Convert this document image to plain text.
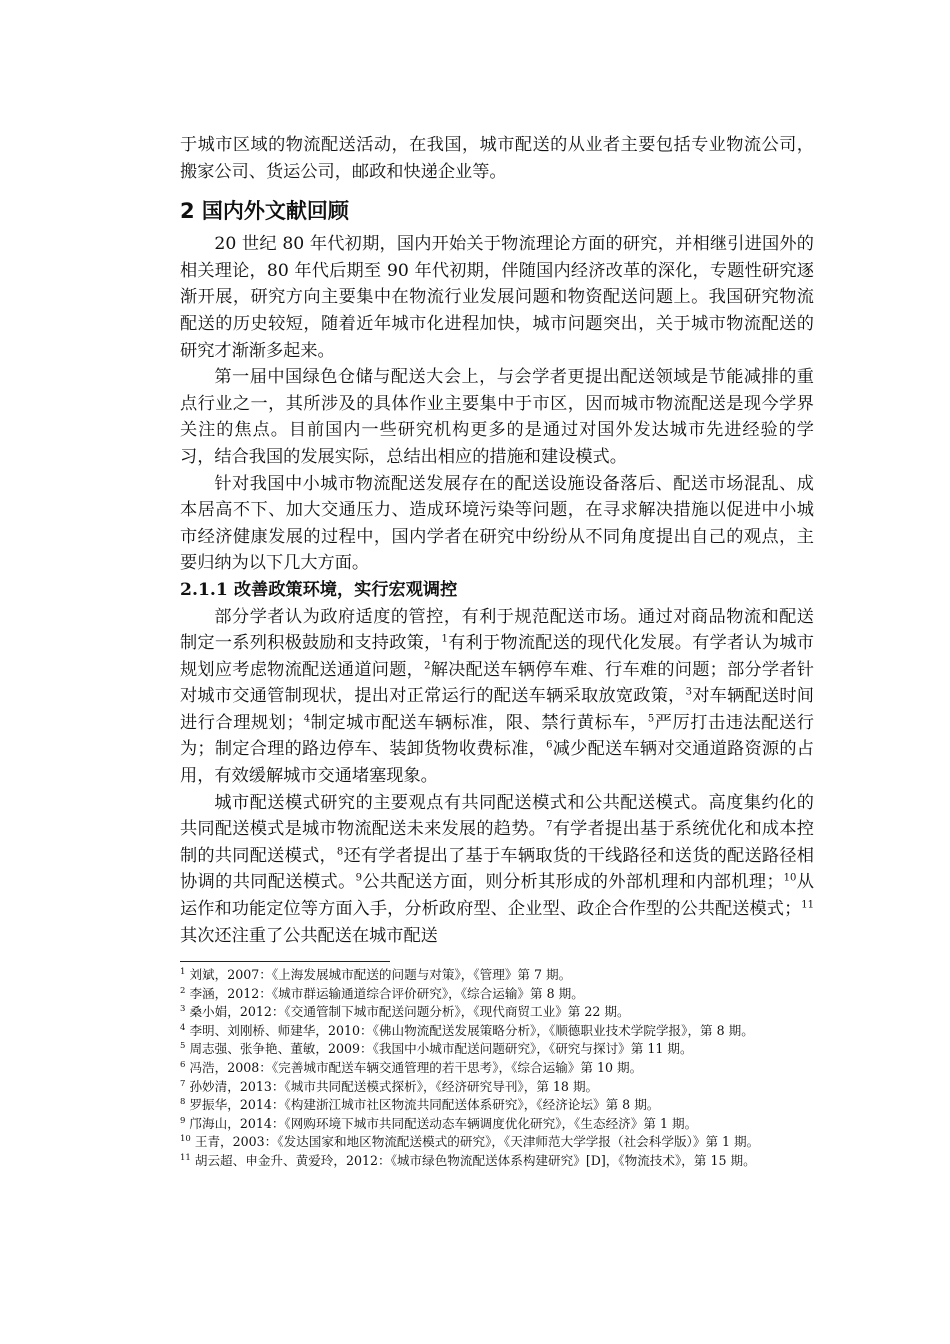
于城市区域的物流配送活动，在我国，城市配送的从业者主要包括专业物流公司，搬家公司、货运公司，邮政和快递企业等。

2 国内外文献回顾

20 世纪 80 年代初期，国内开始关于物流理论方面的研究，并相继引进国外的相关理论，80 年代后期至 90 年代初期，伴随国内经济改革的深化，专题性研究逐渐开展，研究方向主要集中在物流行业发展问题和物资配送问题上。我国研究物流配送的历史较短，随着近年城市化进程加快，城市问题突出，关于城市物流配送的研究才渐渐多起来。

第一届中国绿色仓储与配送大会上，与会学者更提出配送领域是节能减排的重点行业之一，其所涉及的具体作业主要集中于市区，因而城市物流配送是现今学界关注的焦点。目前国内一些研究机构更多的是通过对国外发达城市先进经验的学习，结合我国的发展实际，总结出相应的措施和建设模式。

针对我国中小城市物流配送发展存在的配送设施设备落后、配送市场混乱、成本居高不下、加大交通压力、造成环境污染等问题，在寻求解决措施以促进中小城市经济健康发展的过程中，国内学者在研究中纷纷从不同角度提出自己的观点，主要归纳为以下几大方面。

2.1.1 改善政策环境，实行宏观调控

部分学者认为政府适度的管控，有利于规范配送市场。通过对商品物流和配送制定一系列积极鼓励和支持政策，$^1$有利于物流配送的现代化发展。有学者认为城市规划应考虑物流配送通道问题，$^2$解决配送车辆停车难、行车难的问题；部分学者针对城市交通管制现状，提出对正常运行的配送车辆采取放宽政策，$^3$对车辆配送时间进行合理规划；$^4$制定城市配送车辆标准，限、禁行黄标车，$^5$严厉打击违法配送行为；制定合理的路边停车、装卸货物收费标准，$^6$减少配送车辆对交通道路资源的占用，有效缓解城市交通堵塞现象。

城市配送模式研究的主要观点有共同配送模式和公共配送模式。高度集约化的共同配送模式是城市物流配送未来发展的趋势。$^7$有学者提出基于系统优化和成本控制的共同配送模式，$^8$还有学者提出了基于车辆取货的干线路径和送货的配送路径相协调的共同配送模式。$^9$公共配送方面，则分析其形成的外部机理和内部机理；$^{10}$从运作和功能定位等方面入手，分析政府型、企业型、政企合作型的公共配送模式；$^{11}$其次还注重了公共配送在城市配送

$^1$ 刘斌，2007：《上海发展城市配送的问题与对策》，《管理》第 7 期。

$^2$ 李涵，2012：《城市群运输通道综合评价研究》，《综合运输》第 8 期。

$^3$ 桑小娟，2012：《交通管制下城市配送问题分析》，《现代商贸工业》第 22 期。

$^4$ 李明、刘刚桥、师建华，2010：《佛山物流配送发展策略分析》，《顺德职业技术学院学报》，第 8 期。

$^5$ 周志强、张争艳、董敏，2009：《我国中小城市配送问题研究》，《研究与探讨》第 11 期。

$^6$ 冯浩，2008：《完善城市配送车辆交通管理的若干思考》，《综合运输》第 10 期。

$^7$ 孙妙清，2013：《城市共同配送模式探析》，《经济研究导刊》，第 18 期。

$^8$ 罗振华，2014：《构建浙江城市社区物流共同配送体系研究》，《经济论坛》第 8 期。

$^9$ 邝海山，2014：《网购环境下城市共同配送动态车辆调度优化研究》，《生态经济》第 1 期。

$^{10}$ 王青，2003：《发达国家和地区物流配送模式的研究》，《天津师范大学学报（社会科学版）》第 1 期。

$^{11}$ 胡云超、申金升、黄爱玲，2012：《城市绿色物流配送体系构建研究》[D]，《物流技术》，第 15 期。
